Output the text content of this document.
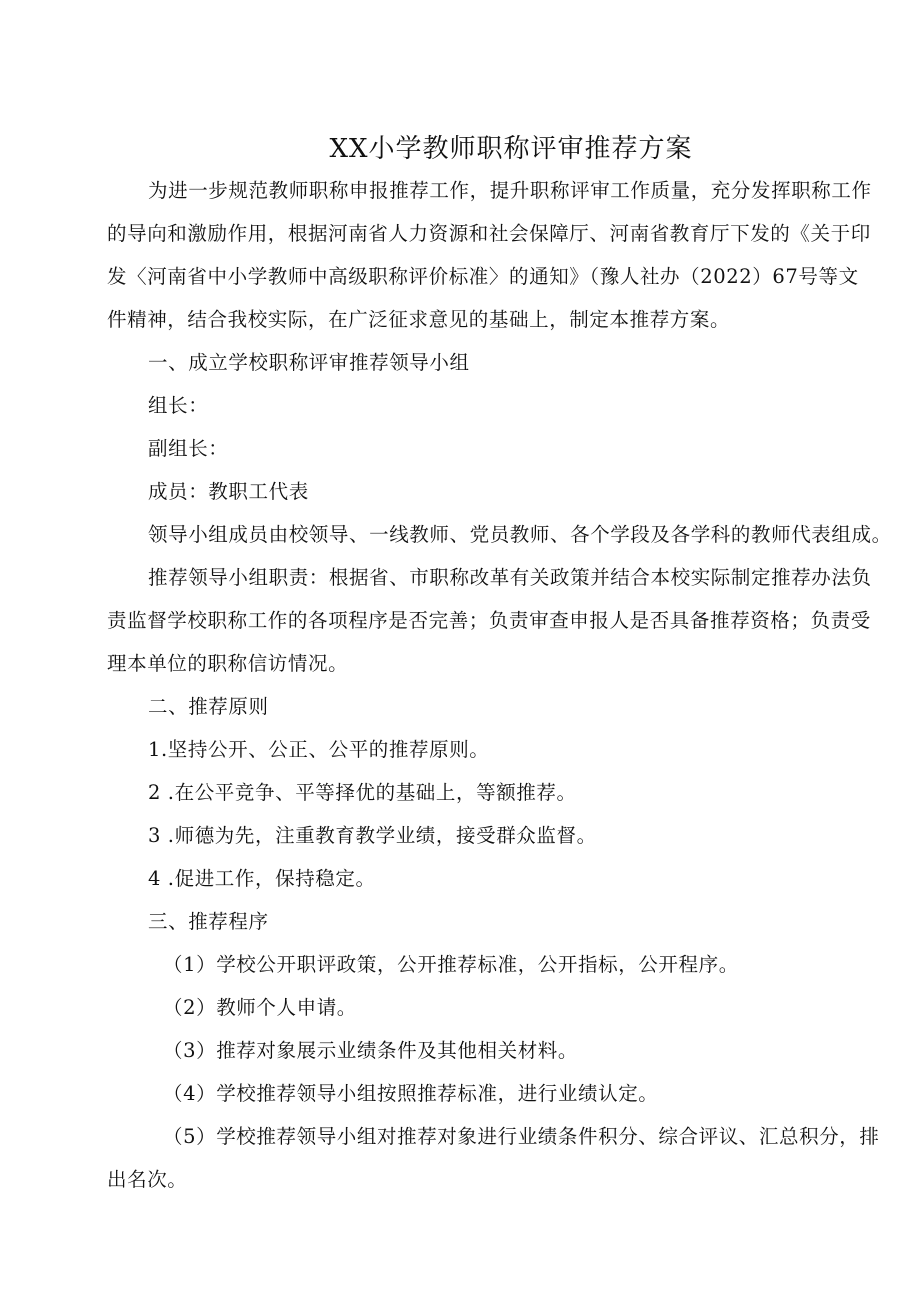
XX小学教师职称评审推荐方案
为进一步规范教师职称申报推荐工作，提升职称评审工作质量，充分发挥职称工作
的导向和激励作用，根据河南省人力资源和社会保障厅、河南省教育厅下发的《关于印
发〈河南省中小学教师中高级职称评价标准〉的通知》（豫人社办（2022）67号等文
件精神，结合我校实际，在广泛征求意见的基础上，制定本推荐方案。
一、成立学校职称评审推荐领导小组
组长：
副组长：
成员：教职工代表
领导小组成员由校领导、一线教师、党员教师、各个学段及各学科的教师代表组成。
推荐领导小组职责：根据省、市职称改革有关政策并结合本校实际制定推荐办法负
责监督学校职称工作的各项程序是否完善；负责审查申报人是否具备推荐资格；负责受
理本单位的职称信访情况。
二、推荐原则
1.坚持公开、公正、公平的推荐原则。
2 .在公平竞争、平等择优的基础上，等额推荐。
3 .师德为先，注重教育教学业绩，接受群众监督。
4 .促进工作，保持稳定。
三、推荐程序
（1）学校公开职评政策，公开推荐标准，公开指标，公开程序。
（2）教师个人申请。
（3）推荐对象展示业绩条件及其他相关材料。
（4）学校推荐领导小组按照推荐标准，进行业绩认定。
（5）学校推荐领导小组对推荐对象进行业绩条件积分、综合评议、汇总积分，排
出名次。
